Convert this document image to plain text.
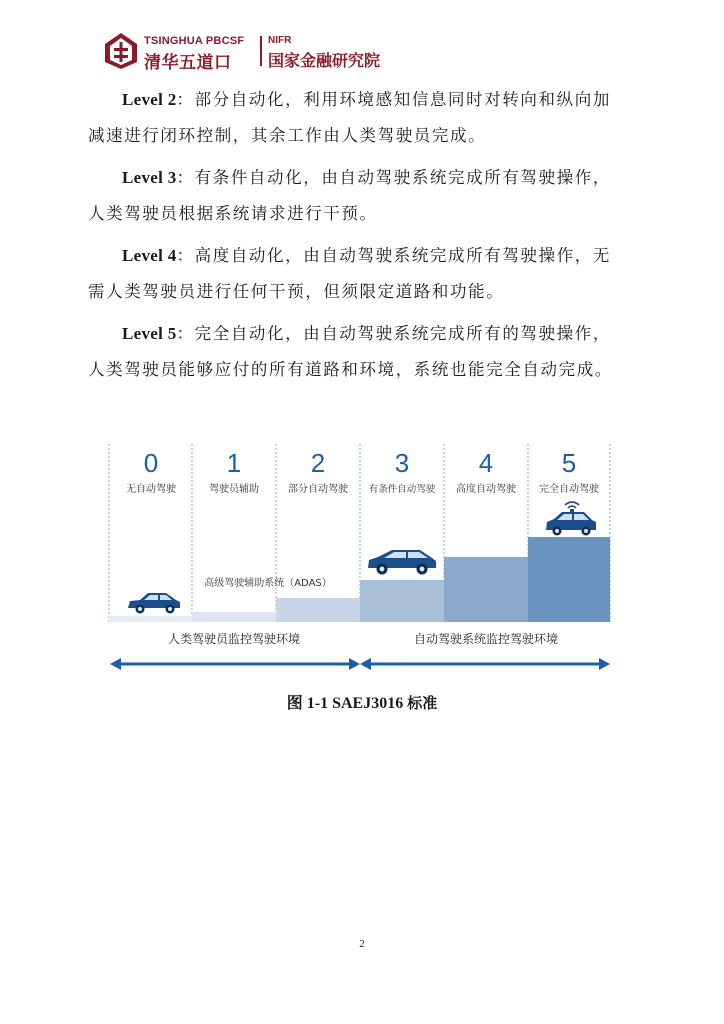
TSINGHUA PBCSF
清华五道口
NIFR
国家金融研究院
Level 2：部分自动化，利用环境感知信息同时对转向和纵向加
减速进行闭环控制，其余工作由人类驾驶员完成。
Level 3：有条件自动化，由自动驾驶系统完成所有驾驶操作，
人类驾驶员根据系统请求进行干预。
Level 4：高度自动化，由自动驾驶系统完成所有驾驶操作，无
需人类驾驶员进行任何干预，但须限定道路和功能。
Level 5：完全自动化，由自动驾驶系统完成所有的驾驶操作，
人类驾驶员能够应付的所有道路和环境，系统也能完全自动完成。
0	1	2	3	4	5
无自动驾驶	驾驶员辅助	部分自动驾驶 有条件自动驾驶 高度自动驾驶 完全自动驾驶
高级驾驶辅助系统（ADAS）
人类驾驶员监控驾驶环境	自动驾驶系统监控驾驶环境
图 1-1 SAEJ3016 标准
2
